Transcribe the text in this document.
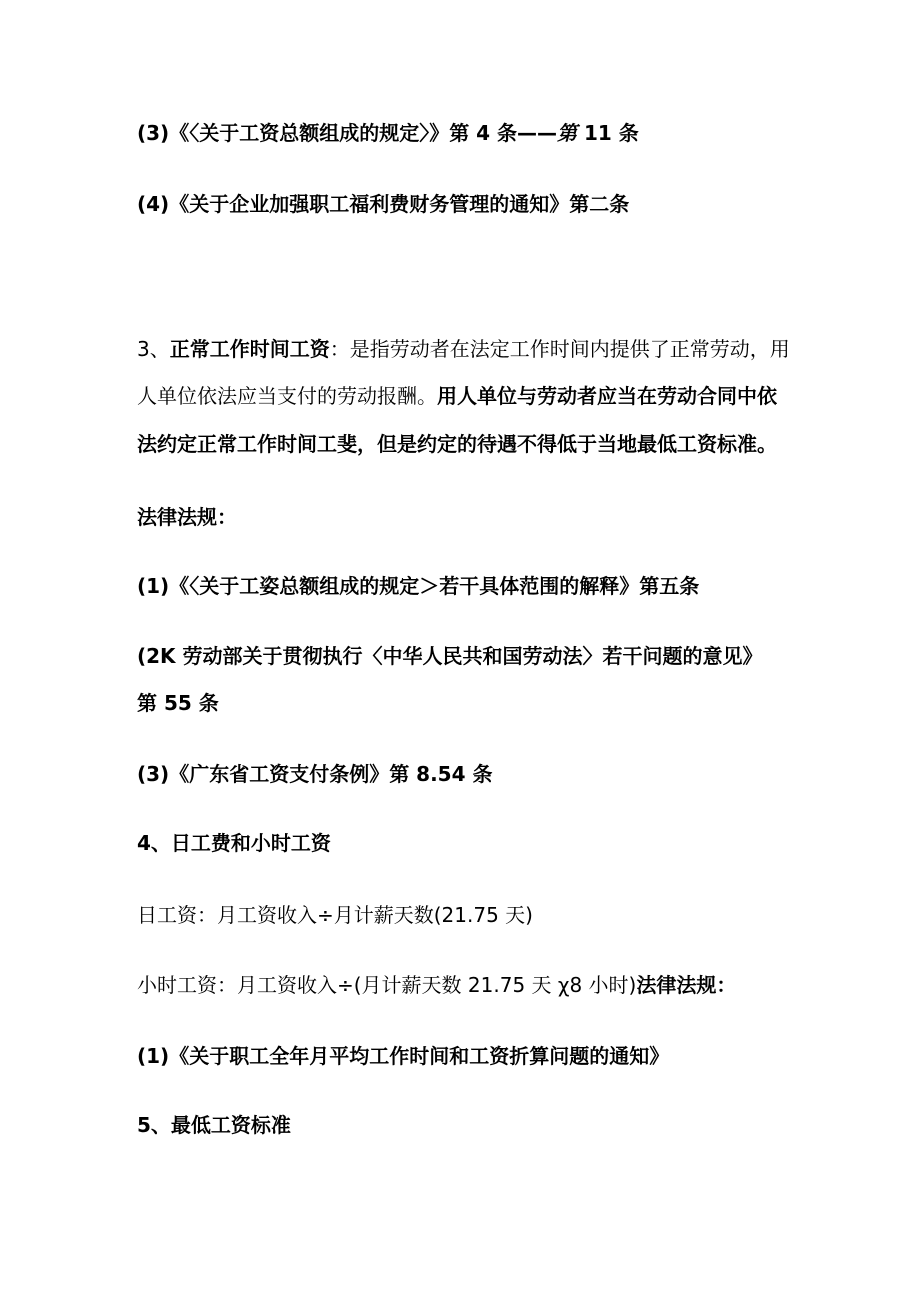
(3)《〈关于工资总额组成的规定〉》第 4 条——第 11 条
(4)《关于企业加强职工福利费财务管理的通知》第二条
3、正常工作时间工资：是指劳动者在法定工作时间内提供了正常劳动，用
人单位依法应当支付的劳动报酬。用人单位与劳动者应当在劳动合同中依
法约定正常工作时间工斐，但是约定的待遇不得低于当地最低工资标准。
法律法规：
(1)《〈关于工姿总额组成的规定＞若干具体范围的解释》第五条
(2K 劳动部关于贯彻执行〈中华人民共和国劳动法〉若干问题的意见》
第 55 条
(3)《广东省工资支付条例》第 8.54 条
4、日工费和小时工资
日工资：月工资收入÷月计薪天数(21.75 天)
小时工资：月工资收入÷(月计薪天数 21.75 天 χ8 小时)法律法规：
(1)《关于职工全年月平均工作时间和工资折算问题的通知》
5、最低工资标准
